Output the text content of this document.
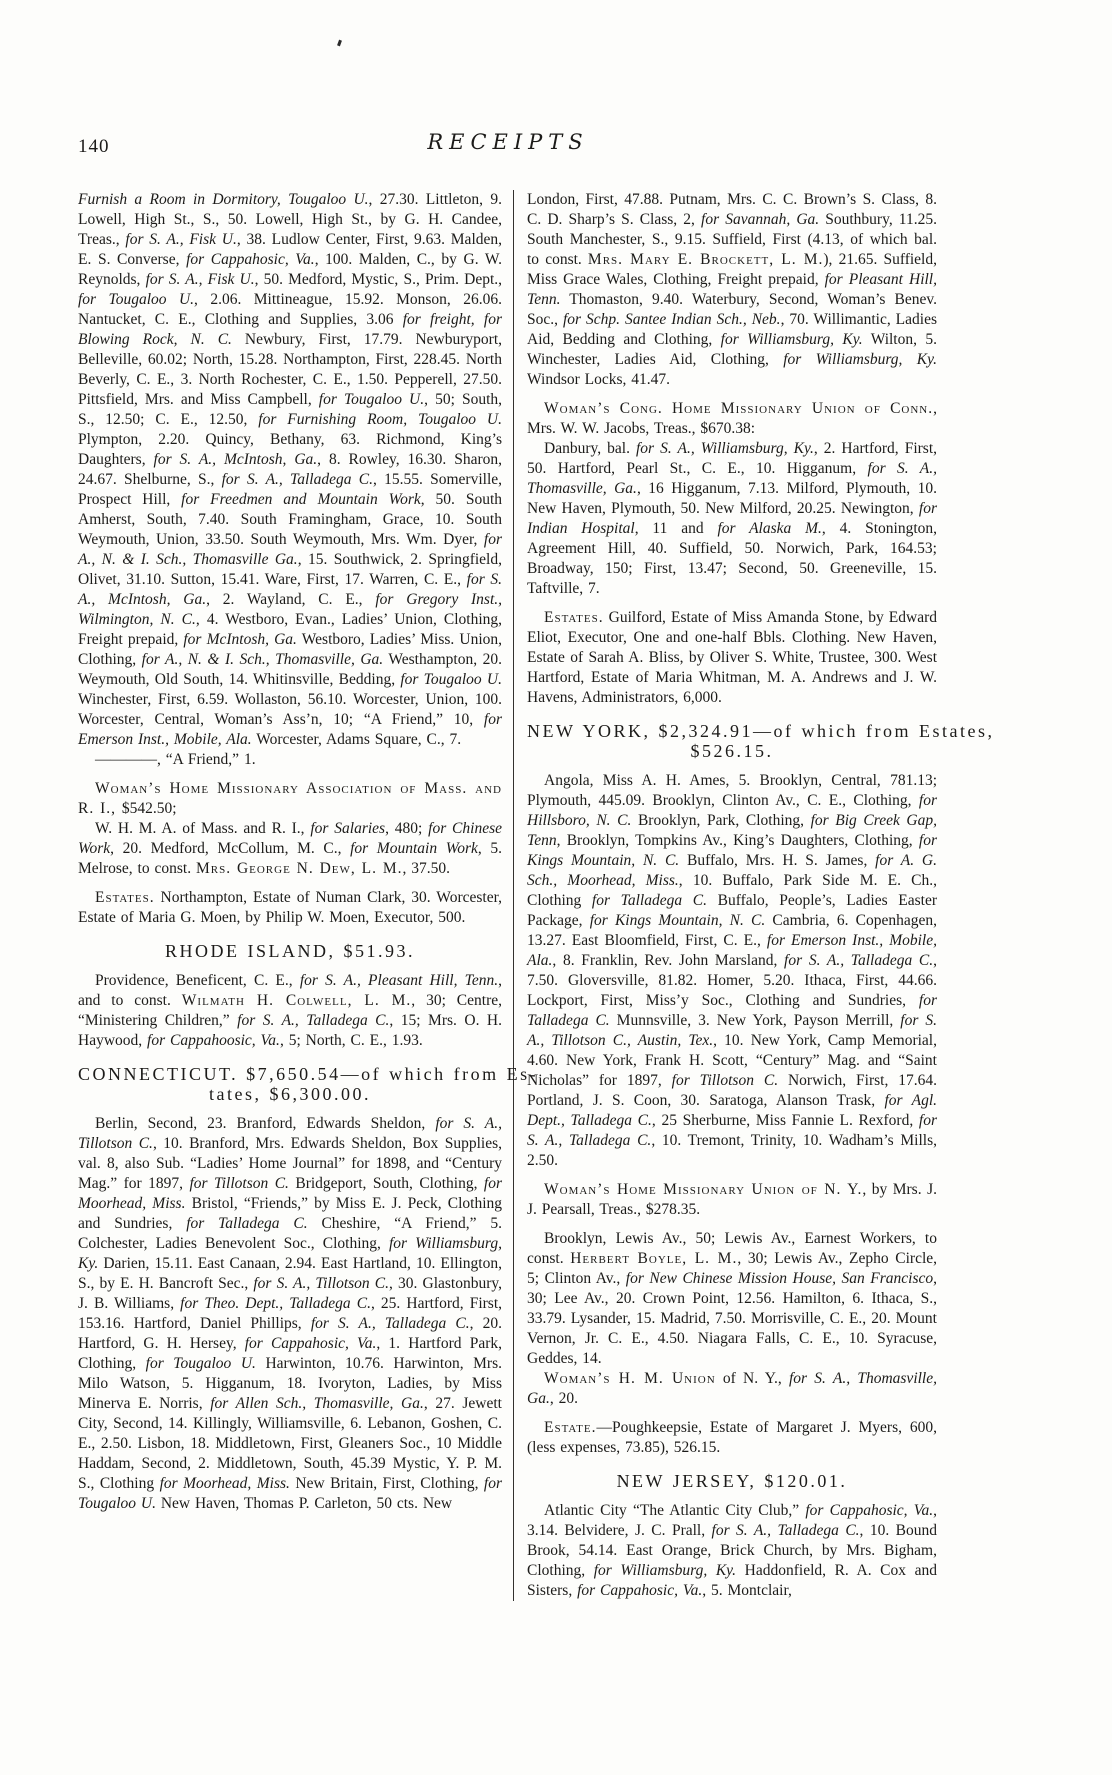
140	RECEIPTS

Furnish a Room in Dormitory, Tougaloo U., 27.30. Littleton, 9. Lowell, High St., S., 50. Lowell, High St., by G. H. Candee, Treas., for S. A., Fisk U., 38. Ludlow Center, First, 9.63. Malden, E. S. Converse, for Cappahosic, Va., 100. Malden, C., by G. W. Reynolds, for S. A., Fisk U., 50. Medford, Mystic, S., Prim. Dept., for Tougaloo U., 2.06. Mittineague, 15.92. Monson, 26.06. Nantucket, C. E., Clothing and Supplies, 3.06 for freight, for Blowing Rock, N. C. Newbury, First, 17.79. Newburyport, Belleville, 60.02; North, 15.28. Northampton, First, 228.45. North Beverly, C. E., 3. North Rochester, C. E., 1.50. Pepperell, 27.50. Pittsfield, Mrs. and Miss Campbell, for Tougaloo U., 50; South, S., 12.50; C. E., 12.50, for Furnishing Room, Tougaloo U. Plympton, 2.20. Quincy, Bethany, 63. Richmond, King’s Daughters, for S. A., McIntosh, Ga., 8. Rowley, 16.30. Sharon, 24.67. Shelburne, S., for S. A., Talladega C., 15.55. Somerville, Prospect Hill, for Freedmen and Mountain Work, 50. South Amherst, South, 7.40. South Framingham, Grace, 10. South Weymouth, Union, 33.50. South Weymouth, Mrs. Wm. Dyer, for A., N. & I. Sch., Thomasville Ga., 15. Southwick, 2. Springfield, Olivet, 31.10. Sutton, 15.41. Ware, First, 17. Warren, C. E., for S. A., McIntosh, Ga., 2. Wayland, C. E., for Gregory Inst., Wilmington, N. C., 4. Westboro, Evan., Ladies’ Union, Clothing, Freight prepaid, for McIntosh, Ga. Westboro, Ladies’ Miss. Union, Clothing, for A., N. & I. Sch., Thomasville, Ga. Westhampton, 20. Weymouth, Old South, 14. Whitinsville, Bedding, for Tougaloo U. Winchester, First, 6.59. Wollaston, 56.10. Worcester, Union, 100. Worcester, Central, Woman’s Ass’n, 10; “A Friend,” 10, for Emerson Inst., Mobile, Ala. Worcester, Adams Square, C., 7.

————, “A Friend,” 1.

Woman’s Home Missionary Association of Mass. and R. I., $542.50;

W. H. M. A. of Mass. and R. I., for Salaries, 480; for Chinese Work, 20. Medford, McCollum, M. C., for Mountain Work, 5. Melrose, to const. Mrs. George N. Dew, L. M., 37.50.

Estates. Northampton, Estate of Numan Clark, 30. Worcester, Estate of Maria G. Moen, by Philip W. Moen, Executor, 500.

RHODE ISLAND, $51.93.

Providence, Beneficent, C. E., for S. A., Pleasant Hill, Tenn., and to const. Wilmath H. Colwell, L. M., 30; Centre, “Ministering Children,” for S. A., Talladega C., 15; Mrs. O. H. Haywood, for Cappahoosic, Va., 5; North, C. E., 1.93.

CONNECTICUT. $7,650.54—of which from Es-
tates, $6,300.00.

Berlin, Second, 23. Branford, Edwards Sheldon, for S. A., Tillotson C., 10. Branford, Mrs. Edwards Sheldon, Box Supplies, val. 8, also Sub. “Ladies’ Home Journal” for 1898, and “Century Mag.” for 1897, for Tillotson C. Bridgeport, South, Clothing, for Moorhead, Miss. Bristol, “Friends,” by Miss E. J. Peck, Clothing and Sundries, for Talladega C. Cheshire, “A Friend,” 5. Colchester, Ladies Benevolent Soc., Clothing, for Williamsburg, Ky. Darien, 15.11. East Canaan, 2.94. East Hartland, 10. Ellington, S., by E. H. Bancroft Sec., for S. A., Tillotson C., 30. Glastonbury, J. B. Williams, for Theo. Dept., Talladega C., 25. Hartford, First, 153.16. Hartford, Daniel Phillips, for S. A., Talladega C., 20. Hartford, G. H. Hersey, for Cappahosic, Va., 1. Hartford Park, Clothing, for Tougaloo U. Harwinton, 10.76. Harwinton, Mrs. Milo Watson, 5. Higganum, 18. Ivoryton, Ladies, by Miss Minerva E. Norris, for Allen Sch., Thomasville, Ga., 27. Jewett City, Second, 14. Killingly, Williamsville, 6. Lebanon, Goshen, C. E., 2.50. Lisbon, 18. Middletown, First, Gleaners Soc., 10 Middle Haddam, Second, 2. Middletown, South, 45.39 Mystic, Y. P. M. S., Clothing for Moorhead, Miss. New Britain, First, Clothing, for Tougaloo U. New Haven, Thomas P. Carleton, 50 cts. New

London, First, 47.88. Putnam, Mrs. C. C. Brown’s S. Class, 8. C. D. Sharp’s S. Class, 2, for Savannah, Ga. Southbury, 11.25. South Manchester, S., 9.15. Suffield, First (4.13, of which bal. to const. Mrs. Mary E. Brockett, L. M.), 21.65. Suffield, Miss Grace Wales, Clothing, Freight prepaid, for Pleasant Hill, Tenn. Thomaston, 9.40. Waterbury, Second, Woman’s Benev. Soc., for Schp. Santee Indian Sch., Neb., 70. Willimantic, Ladies Aid, Bedding and Clothing, for Williamsburg, Ky. Wilton, 5. Winchester, Ladies Aid, Clothing, for Williamsburg, Ky. Windsor Locks, 41.47.

Woman’s Cong. Home Missionary Union of Conn., Mrs. W. W. Jacobs, Treas., $670.38:

Danbury, bal. for S. A., Williamsburg, Ky., 2. Hartford, First, 50. Hartford, Pearl St., C. E., 10. Higganum, for S. A., Thomasville, Ga., 16 Higganum, 7.13. Milford, Plymouth, 10. New Haven, Plymouth, 50. New Milford, 20.25. Newington, for Indian Hospital, 11 and for Alaska M., 4. Stonington, Agreement Hill, 40. Suffield, 50. Norwich, Park, 164.53; Broadway, 150; First, 13.47; Second, 50. Greeneville, 15. Taftville, 7.

Estates. Guilford, Estate of Miss Amanda Stone, by Edward Eliot, Executor, One and one-half Bbls. Clothing. New Haven, Estate of Sarah A. Bliss, by Oliver S. White, Trustee, 300. West Hartford, Estate of Maria Whitman, M. A. Andrews and J. W. Havens, Administrators, 6,000.

NEW YORK, $2,324.91—of which from Estates,
$526.15.

Angola, Miss A. H. Ames, 5. Brooklyn, Central, 781.13; Plymouth, 445.09. Brooklyn, Clinton Av., C. E., Clothing, for Hillsboro, N. C. Brooklyn, Park, Clothing, for Big Creek Gap, Tenn, Brooklyn, Tompkins Av., King’s Daughters, Clothing, for Kings Mountain, N. C. Buffalo, Mrs. H. S. James, for A. G. Sch., Moorhead, Miss., 10. Buffalo, Park Side M. E. Ch., Clothing for Talladega C. Buffalo, People’s, Ladies Easter Package, for Kings Mountain, N. C. Cambria, 6. Copenhagen, 13.27. East Bloomfield, First, C. E., for Emerson Inst., Mobile, Ala., 8. Franklin, Rev. John Marsland, for S. A., Talladega C., 7.50. Gloversville, 81.82. Homer, 5.20. Ithaca, First, 44.66. Lockport, First, Miss’y Soc., Clothing and Sundries, for Talladega C. Munnsville, 3. New York, Payson Merrill, for S. A., Tillotson C., Austin, Tex., 10. New York, Camp Memorial, 4.60. New York, Frank H. Scott, “Century” Mag. and “Saint Nicholas” for 1897, for Tillotson C. Norwich, First, 17.64. Portland, J. S. Coon, 30. Saratoga, Alanson Trask, for Agl. Dept., Talladega C., 25 Sherburne, Miss Fannie L. Rexford, for S. A., Talladega C., 10. Tremont, Trinity, 10. Wadham’s Mills, 2.50.

Woman’s Home Missionary Union of N. Y., by Mrs. J. J. Pearsall, Treas., $278.35.

Brooklyn, Lewis Av., 50; Lewis Av., Earnest Workers, to const. Herbert Boyle, L. M., 30; Lewis Av., Zepho Circle, 5; Clinton Av., for New Chinese Mission House, San Francisco, 30; Lee Av., 20. Crown Point, 12.56. Hamilton, 6. Ithaca, S., 33.79. Lysander, 15. Madrid, 7.50. Morrisville, C. E., 20. Mount Vernon, Jr. C. E., 4.50. Niagara Falls, C. E., 10. Syracuse, Geddes, 14.

Woman’s H. M. Union of N. Y., for S. A., Thomasville, Ga., 20.

Estate.—Poughkeepsie, Estate of Margaret J. Myers, 600, (less expenses, 73.85), 526.15.

NEW JERSEY, $120.01.

Atlantic City “The Atlantic City Club,” for Cappahosic, Va., 3.14. Belvidere, J. C. Prall, for S. A., Talladega C., 10. Bound Brook, 54.14. East Orange, Brick Church, by Mrs. Bigham, Clothing, for Williamsburg, Ky. Haddonfield, R. A. Cox and Sisters, for Cappahosic, Va., 5. Montclair,
